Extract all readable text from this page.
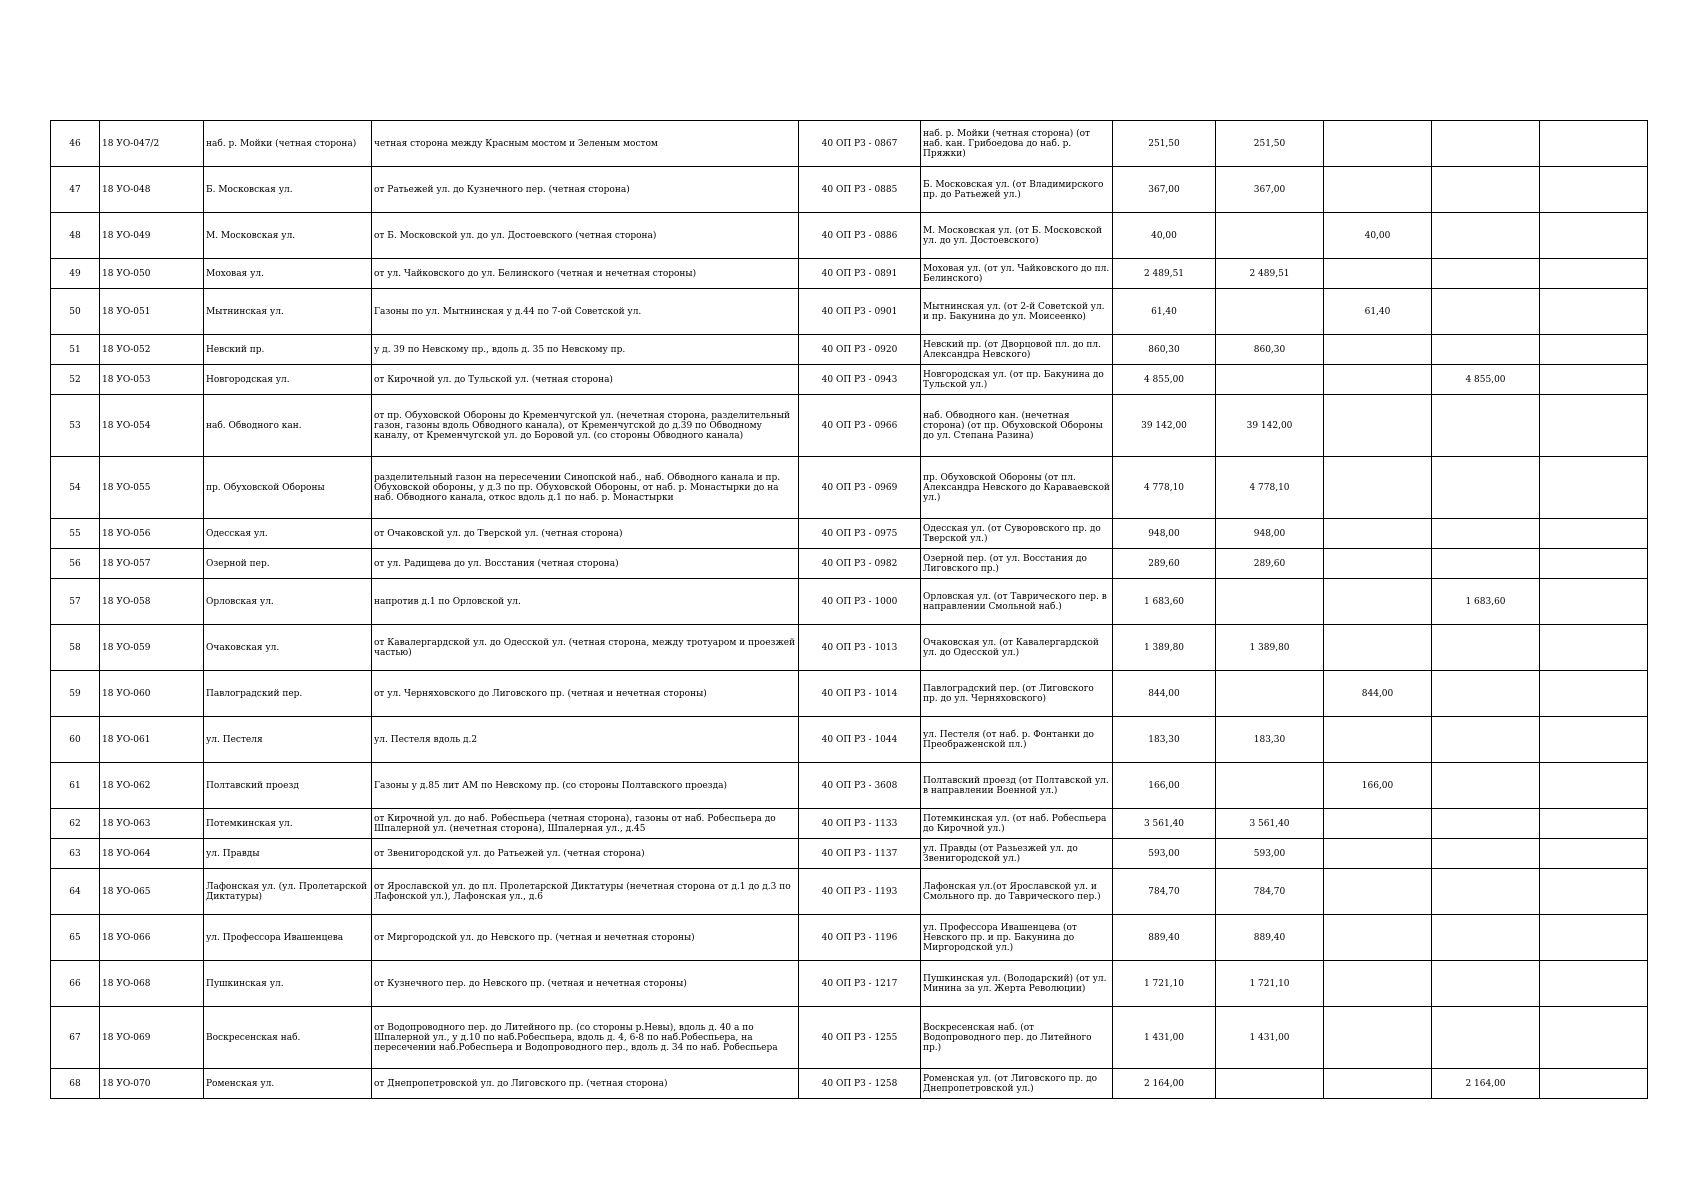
46	18 УО-047/2	наб. р. Мойки (четная сторона)	четная сторона между Красным мостом и Зеленым мостом	40 ОП РЗ - 0867	наб. р. Мойки (четная сторона) (от наб. кан. Грибоедова до наб. р. Пряжки)	251,50	251,50			
47	18 УО-048	Б. Московская ул.	от Ратьежей ул. до Кузнечного пер. (четная сторона)	40 ОП РЗ - 0885	Б. Московская ул. (от Владимирского пр. до Ратьежей ул.)	367,00	367,00			
48	18 УО-049	М. Московская ул.	от Б. Московской ул. до ул. Достоевского (четная сторона)	40 ОП РЗ - 0886	М. Московская ул. (от Б. Московской ул. до ул. Достоевского)	40,00		40,00		
49	18 УО-050	Моховая ул.	от ул. Чайковского до ул. Белинского (четная и нечетная стороны)	40 ОП РЗ - 0891	Моховая ул. (от ул. Чайковского до пл. Белинского)	2 489,51	2 489,51			
50	18 УО-051	Мытнинская ул.	Газоны по ул. Мытнинская у д.44 по 7-ой Советской ул.	40 ОП РЗ - 0901	Мытнинская ул. (от 2-й Советской ул. и пр. Бакунина до ул. Моисеенко)	61,40		61,40		
51	18 УО-052	Невский пр.	у д. 39 по Невскому пр., вдоль д. 35 по Невскому пр.	40 ОП РЗ - 0920	Невский пр. (от Дворцовой пл. до пл. Александра Невского)	860,30	860,30			
52	18 УО-053	Новгородская ул.	от Кирочной ул. до Тульской ул. (четная сторона)	40 ОП РЗ - 0943	Новгородская ул. (от пр. Бакунина до Тульской ул.)	4 855,00			4 855,00	
53	18 УО-054	наб. Обводного кан.	от пр. Обуховской Обороны до Кременчугской ул. (нечетная сторона, разделительный газон, газоны вдоль Обводного канала), от Кременчугской до д.39 по Обводному каналу, от Кременчугской ул. до Боровой ул. (со стороны Обводного канала)	40 ОП РЗ - 0966	наб. Обводного кан. (нечетная сторона) (от пр. Обуховской Обороны до ул. Степана Разина)	39 142,00	39 142,00			
54	18 УО-055	пр. Обуховской Обороны	разделительный газон на пересечении Синопской наб., наб. Обводного канала и пр. Обуховской обороны, у д.3 по пр. Обуховской Обороны, от наб. р. Монастырки до на наб. Обводного канала, откос вдоль д.1 по наб. р. Монастырки	40 ОП РЗ - 0969	пр. Обуховской Обороны (от пл. Александра Невского до Каравaевской ул.)	4 778,10	4 778,10			
55	18 УО-056	Одесская ул.	от Очаковской ул. до Тверской ул. (четная сторона)	40 ОП РЗ - 0975	Одесская ул. (от Суворовского пр. до Тверской ул.)	948,00	948,00			
56	18 УО-057	Озерной пер.	от ул. Радищева до ул. Восстания (четная сторона)	40 ОП РЗ - 0982	Озерной пер. (от ул. Восстания до Лиговского пр.)	289,60	289,60			
57	18 УО-058	Орловская ул.	напротив д.1 по Орловской ул.	40 ОП РЗ - 1000	Орловская ул. (от Таврического пер. в направлении Смольной наб.)	1 683,60			1 683,60	
58	18 УО-059	Очаковская ул.	от Кавалергардской ул. до Одесской ул. (четная сторона, между тротуаром и проезжей частью)	40 ОП РЗ - 1013	Очаковская ул. (от Кавалергардской ул. до Одесской ул.)	1 389,80	1 389,80			
59	18 УО-060	Павлоградский пер.	от ул. Черняховского до Лиговского пр. (четная и нечетная стороны)	40 ОП РЗ - 1014	Павлоградский пер. (от Лиговского пр. до ул. Черняховского)	844,00		844,00		
60	18 УО-061	ул. Пестеля	ул. Пестеля вдоль д.2	40 ОП РЗ - 1044	ул. Пестеля (от наб. р. Фонтанки до Преображенской пл.)	183,30	183,30			
61	18 УО-062	Полтавский проезд	Газоны у д.85 лит АМ по Невскому пр. (со стороны Полтавского проезда)	40 ОП РЗ - 3608	Полтавский проезд (от Полтавской ул. в направлении Военной ул.)	166,00		166,00		
62	18 УО-063	Потемкинская ул.	от Кирочной ул. до наб. Робеспьера (четная сторона), газоны от наб. Робеспьера до Шпалерной ул. (нечетная сторона), Шпалерная ул., д.45	40 ОП РЗ - 1133	Потемкинская ул. (от наб. Робеспьера до Кирочной ул.)	3 561,40	3 561,40			
63	18 УО-064	ул. Правды	от Звенигородской ул. до Ратьежей ул. (четная сторона)	40 ОП РЗ - 1137	ул. Правды (от Разьезжей ул. до Звенигородской ул.)	593,00	593,00			
64	18 УО-065	Лафонская ул. (ул. Пролетарской Диктатуры)	от Ярославской ул. до пл. Пролетарской Диктатуры (нечетная сторона от д.1 до д.3 по Лафонской ул.), Лафонская ул., д.6	40 ОП РЗ - 1193	Лафонская ул.(от Ярославской ул. и Смольного пр. до Таврического пер.)	784,70	784,70			
65	18 УО-066	ул. Профессора Ивашенцева	от Миргородской ул. до Невского пр. (четная и нечетная стороны)	40 ОП РЗ - 1196	ул. Профессора Ивашенцева (от Невского пр. и пр. Бакунина до Миргородской ул.)	889,40	889,40			
66	18 УО-068	Пушкинская ул.	от Кузнечного пер. до Невского пр. (четная и нечетная стороны)	40 ОП РЗ - 1217	Пушкинская ул. (Володарский) (от ул. Минина за ул. Жерта Революции)	1 721,10	1 721,10			
67	18 УО-069	Воскресенская наб.	от Водопроводного пер. до Литейного пр. (со стороны р.Невы), вдоль д. 40 а по Шпалерной ул., у д.10 по наб.Робеспьера, вдоль д. 4, 6-8 по наб.Робеспьера, на пересечении наб.Робеспьера и Водопроводного пер., вдоль д. 34 по наб. Робеспьера	40 ОП РЗ - 1255	Воскресенская наб. (от Водопроводного пер. до Литейного пр.)	1 431,00	1 431,00			
68	18 УО-070	Роменская ул.	от Днепропетровской ул. до Лиговского пр. (четная сторона)	40 ОП РЗ - 1258	Роменская ул. (от Лиговского пр. до Днепропетровской ул.)	2 164,00			2 164,00	
